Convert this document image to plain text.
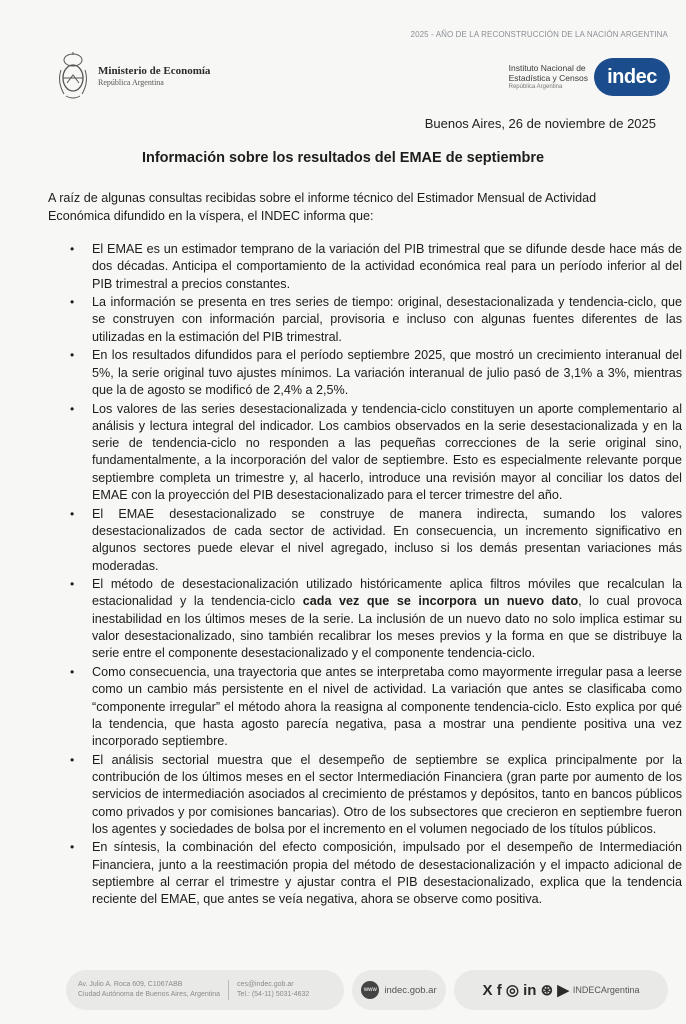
2025 - AÑO DE LA RECONSTRUCCIÓN DE LA NACIÓN ARGENTINA
Ministerio de Economía
República Argentina
Instituto Nacional de
Estadística y Censos
República Argentina	indec
Buenos Aires, 26 de noviembre de 2025
Información sobre los resultados del EMAE de septiembre

A raíz de algunas consultas recibidas sobre el informe técnico del Estimador Mensual de Actividad Económica difundido en la víspera, el INDEC informa que:

• El EMAE es un estimador temprano de la variación del PIB trimestral que se difunde desde hace más de dos décadas. Anticipa el comportamiento de la actividad económica real para un período inferior al del PIB trimestral a precios constantes.
• La información se presenta en tres series de tiempo: original, desestacionalizada y tendencia-ciclo, que se construyen con información parcial, provisoria e incluso con algunas fuentes diferentes de las utilizadas en la estimación del PIB trimestral.
• En los resultados difundidos para el período septiembre 2025, que mostró un crecimiento interanual del 5%, la serie original tuvo ajustes mínimos. La variación interanual de julio pasó de 3,1% a 3%, mientras que la de agosto se modificó de 2,4% a 2,5%.
• Los valores de las series desestacionalizada y tendencia-ciclo constituyen un aporte complementario al análisis y lectura integral del indicador. Los cambios observados en la serie desestacionalizada y en la serie de tendencia-ciclo no responden a las pequeñas correcciones de la serie original sino, fundamentalmente, a la incorporación del valor de septiembre. Esto es especialmente relevante porque septiembre completa un trimestre y, al hacerlo, introduce una revisión mayor al conciliar los datos del EMAE con la proyección del PIB desestacionalizado para el tercer trimestre del año.
• El EMAE desestacionalizado se construye de manera indirecta, sumando los valores desestacionalizados de cada sector de actividad. En consecuencia, un incremento significativo en algunos sectores puede elevar el nivel agregado, incluso si los demás presentan variaciones más moderadas.
• El método de desestacionalización utilizado históricamente aplica filtros móviles que recalculan la estacionalidad y la tendencia-ciclo cada vez que se incorpora un nuevo dato, lo cual provoca inestabilidad en los últimos meses de la serie. La inclusión de un nuevo dato no solo implica estimar su valor desestacionalizado, sino también recalibrar los meses previos y la forma en que se distribuye la serie entre el componente desestacionalizado y el componente tendencia-ciclo.
• Como consecuencia, una trayectoria que antes se interpretaba como mayormente irregular pasa a leerse como un cambio más persistente en el nivel de actividad. La variación que antes se clasificaba como “componente irregular” el método ahora la reasigna al componente tendencia-ciclo. Esto explica por qué la tendencia, que hasta agosto parecía negativa, pasa a mostrar una pendiente positiva una vez incorporado septiembre.
• El análisis sectorial muestra que el desempeño de septiembre se explica principalmente por la contribución de los últimos meses en el sector Intermediación Financiera (gran parte por aumento de los servicios de intermediación asociados al crecimiento de préstamos y depósitos, tanto en bancos públicos como privados y por comisiones bancarias). Otro de los subsectores que crecieron en septiembre fueron los agentes y sociedades de bolsa por el incremento en el volumen negociado de los títulos públicos.
• En síntesis, la combinación del efecto composición, impulsado por el desempeño de Intermediación Financiera, junto a la reestimación propia del método de desestacionalización y el impacto adicional de septiembre al cerrar el trimestre y ajustar contra el PIB desestacionalizado, explica que la tendencia reciente del EMAE, que antes se veía negativa, ahora se observe como positiva.
Av. Julio A. Roca 609, C1067ABB
Ciudad Autónoma de Buenos Aires, Argentina
ces@indec.gob.ar
Tel.: (54-11) 5031-4632
www indec.gob.ar	X f ◎ in ⊛ ▶ INDECArgentina
